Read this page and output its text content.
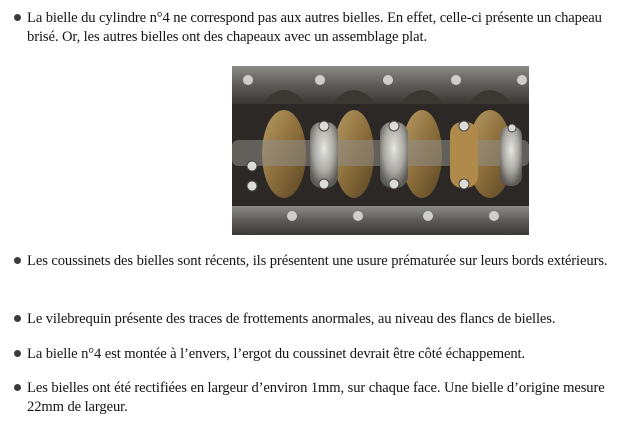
La bielle du cylindre n°4 ne correspond pas aux autres bielles. En effet, celle-ci présente un chapeau brisé. Or, les autres bielles ont des chapeaux avec un assemblage plat.
Les coussinets des bielles sont récents, ils présentent une usure prématurée sur leurs bords extérieurs.
Le vilebrequin présente des traces de frottements anormales, au niveau des flancs de bielles.
La bielle n°4 est montée à l’envers, l’ergot du coussinet devrait être côté échappement.
Les bielles ont été rectifiées en largeur d’environ 1mm, sur chaque face. Une bielle d’origine mesure 22mm de largeur.
